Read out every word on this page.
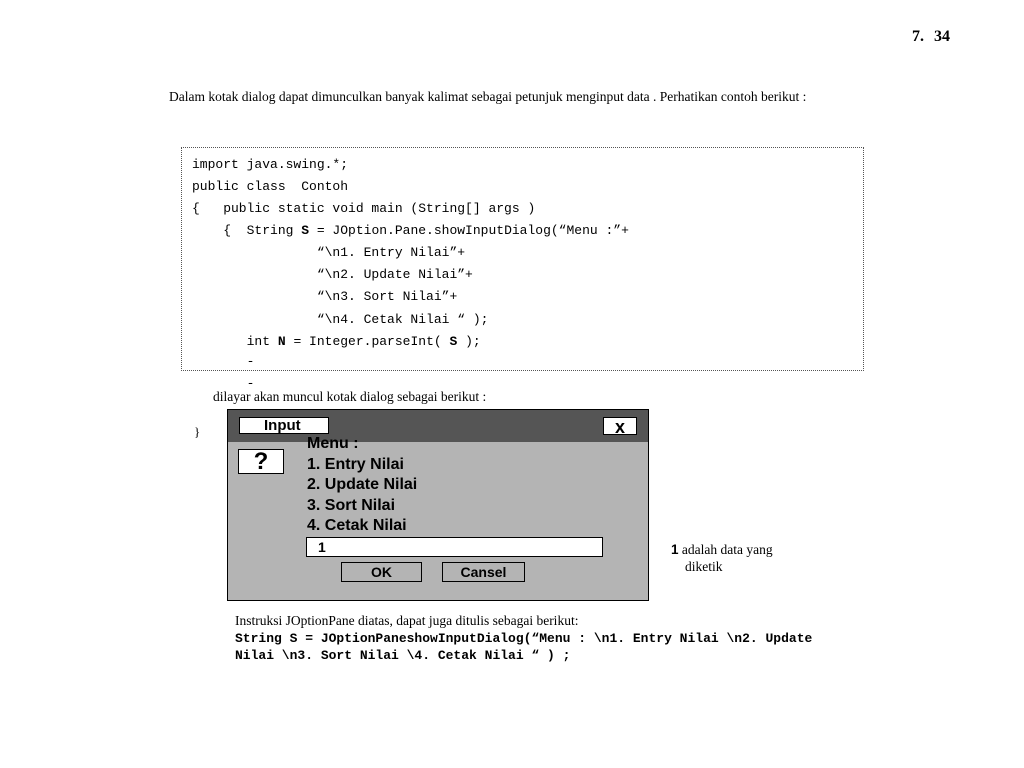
7. 34
Dalam kotak dialog dapat dimunculkan banyak kalimat sebagai petunjuk menginput data . Perhatikan contoh berikut :
import java.swing.*;
public class  Contoh
{   public static void main (String[] args )
{  String S = JOption.Pane.showInputDialog(“Menu :”+
“\n1. Entry Nilai”+
“\n2. Update Nilai”+
“\n3. Sort Nilai”+
“\n4. Cetak Nilai “ );
int N = Integer.parseInt( S );
-
-
dilayar akan muncul kotak dialog sebagai berikut :
}	Input	x
?
Menu :
1. Entry Nilai
2. Update Nilai
3. Sort Nilai
4. Cetak Nilai
1
OK	Cansel
1 adalah data yang
diketik
Instruksi JOptionPane diatas, dapat juga ditulis sebagai berikut:
String S = JOptionPaneshowInputDialog(“Menu : \n1. Entry Nilai \n2. Update
Nilai \n3. Sort Nilai \4. Cetak Nilai “ ) ;
